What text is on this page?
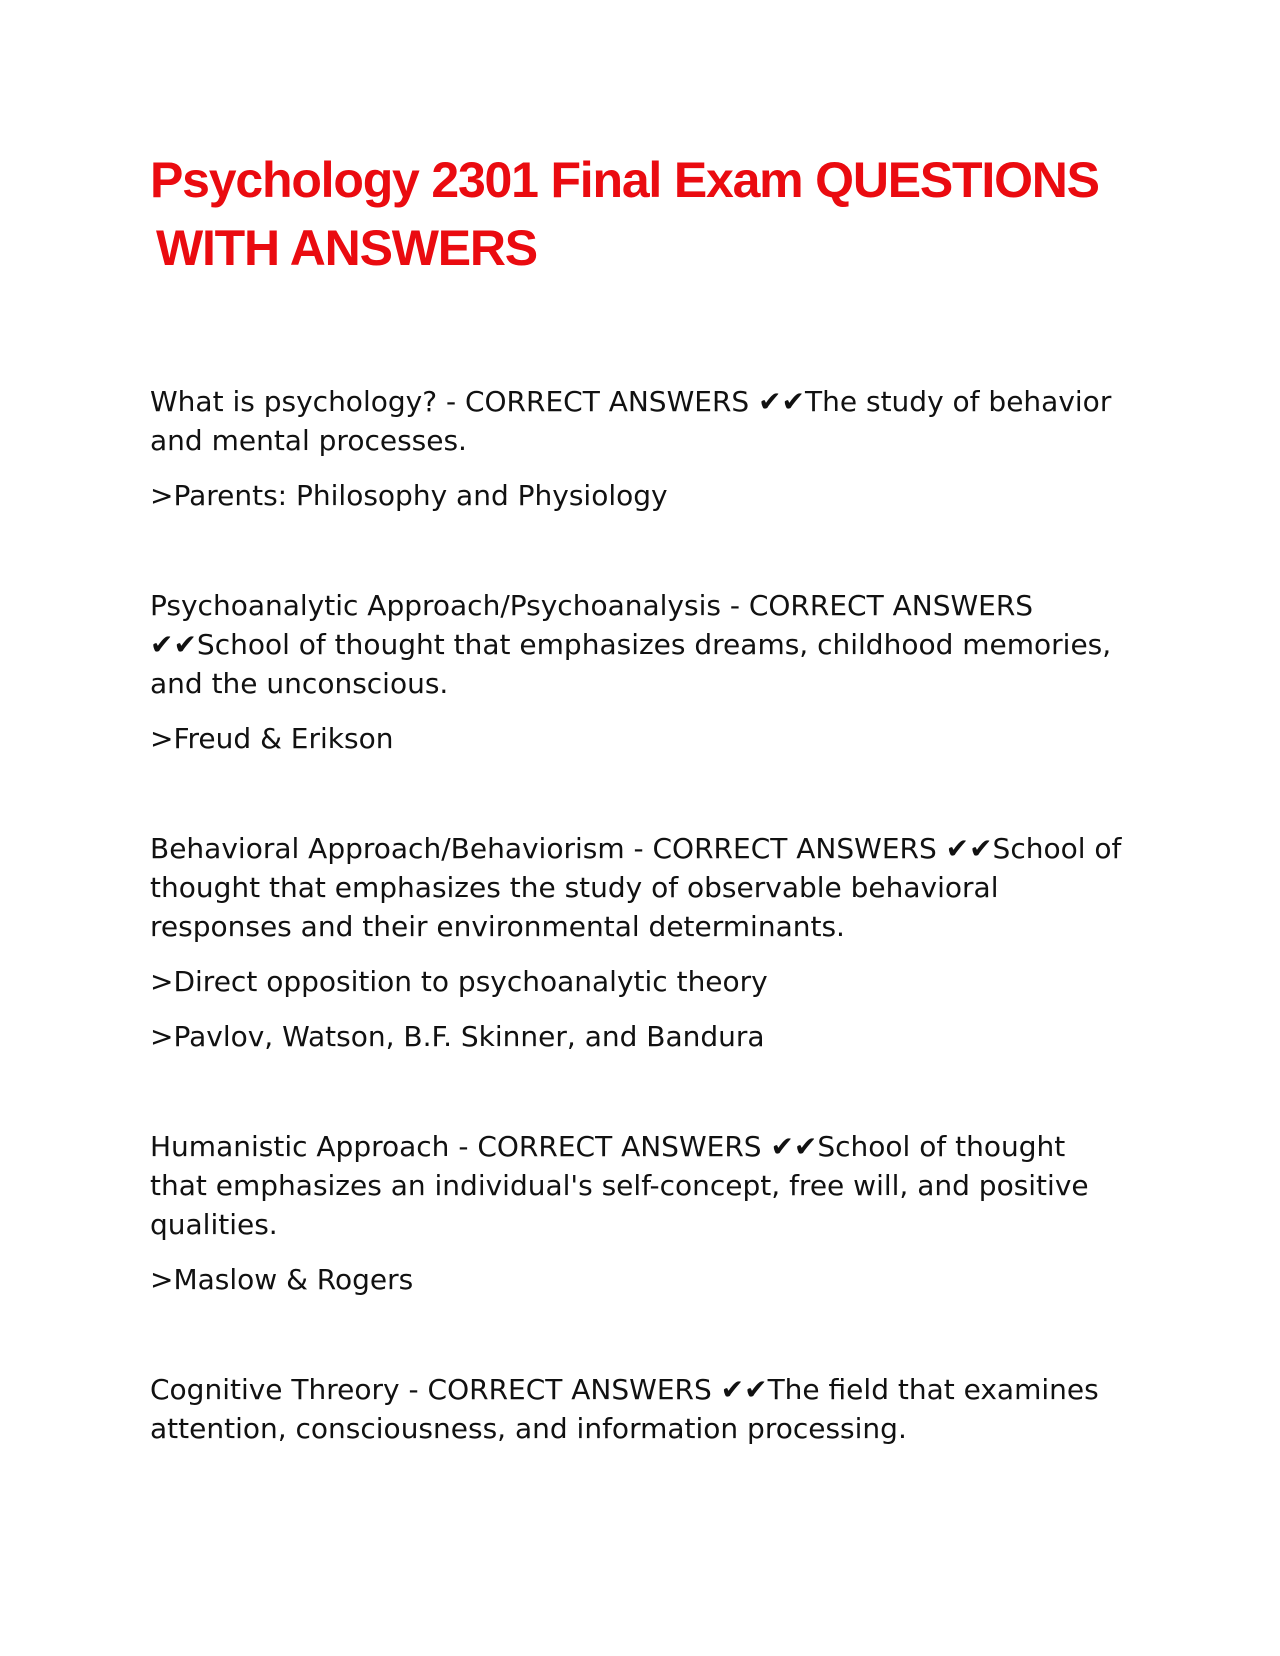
Psychology 2301 Final Exam QUESTIONS
WITH ANSWERS

What is psychology? - CORRECT ANSWERS ✔✔The study of behavior and mental processes.

>Parents: Philosophy and Physiology

Psychoanalytic Approach/Psychoanalysis - CORRECT ANSWERS ✔✔School of thought that emphasizes dreams, childhood memories, and the unconscious.

>Freud & Erikson

Behavioral Approach/Behaviorism - CORRECT ANSWERS ✔✔School of thought that emphasizes the study of observable behavioral responses and their environmental determinants.

>Direct opposition to psychoanalytic theory

>Pavlov, Watson, B.F. Skinner, and Bandura

Humanistic Approach - CORRECT ANSWERS ✔✔School of thought that emphasizes an individual's self-concept, free will, and positive qualities.

>Maslow & Rogers

Cognitive Threory - CORRECT ANSWERS ✔✔The field that examines attention, consciousness, and information processing.
